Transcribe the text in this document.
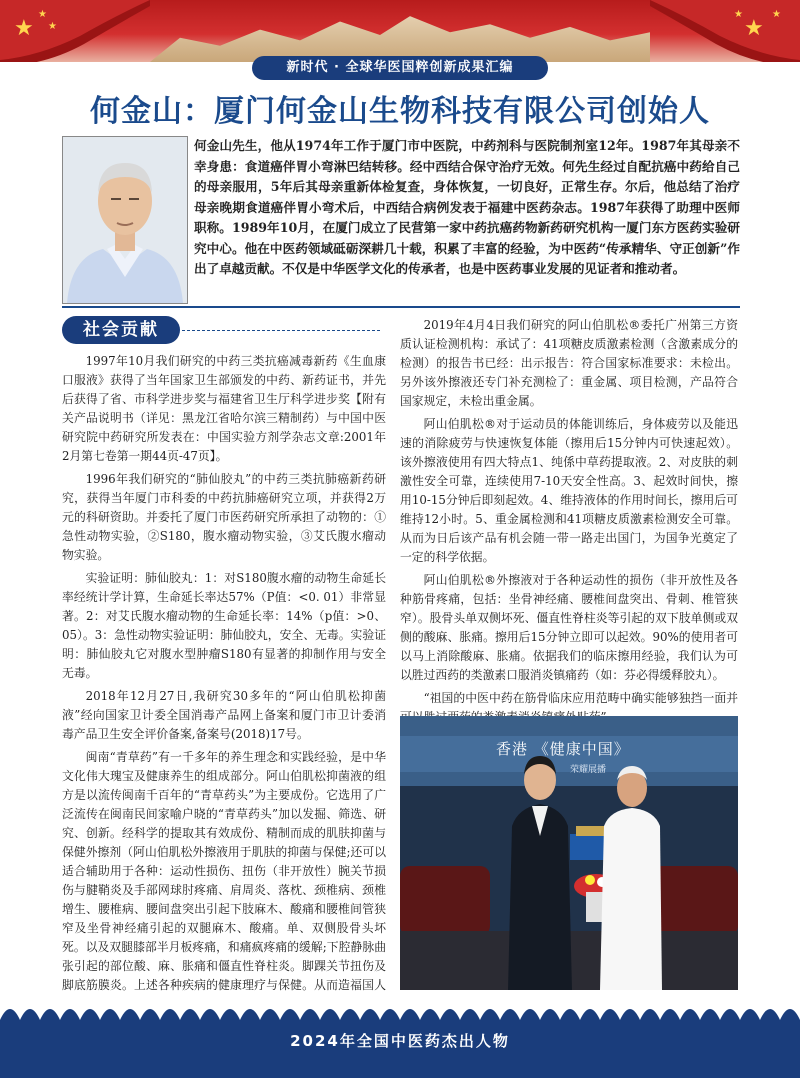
★
★
★	★
★	★
新时代 · 全球华医国粹创新成果汇编
何金山：厦门何金山生物科技有限公司创始人

何金山先生，他从1974年工作于厦门市中医院，中药剂科与医院制剂室12年。1987年其母亲不幸身患：食道癌伴胃小弯淋巴结转移。经中西结合保守治疗无效。何先生经过自配抗癌中药给自己的母亲服用，5年后其母亲重新体检复查，身体恢复，一切良好，正常生存。尔后，他总结了治疗母亲晚期食道癌伴胃小弯术后，中西结合病例发表于福建中医药杂志。1987年获得了助理中医师职称。1989年10月，在厦门成立了民营第一家中药抗癌药物新药研究机构一厦门东方医药实验研究中心。他在中医药领域砥砺深耕几十载，积累了丰富的经验，为中医药“传承精华、守正创新”作出了卓越贡献。不仅是中华医学文化的传承者，也是中医药事业发展的见证者和推动者。

社会贡献

1997年10月我们研究的中药三类抗癌减毒新药《生血康口服液》获得了当年国家卫生部颁发的中药、新药证书，并先后获得了省、市科学进步奖与福建省卫生厅科学进步奖【附有关产品说明书（详见：黑龙江省哈尔滨三精制药）与中国中医研究院中药研究所发表在：中国实验方剂学杂志文章:2001年2月第七卷第一期44页-47页】。

1996年我们研究的“肺仙胶丸”的中药三类抗肺癌新药研究，获得当年厦门市科委的中药抗肺癌研究立项，并获得2万元的科研资助。并委托了厦门市医药研究所承担了动物的：①急性动物实验，②S180，腹水瘤动物实验，③艾氏腹水瘤动物实验。

实验证明：肺仙胶丸：1：对S180腹水瘤的动物生命延长率经统计学计算，生命延长率达57%（P值：<0. 01）非常显著。2：对艾氏腹水瘤动物的生命延长率：14%（p值：>0、05）。3：急性动物实验证明：肺仙胶丸，安全、无毒。实验证明：肺仙胶丸它对腹水型肿瘤S180有显著的抑制作用与安全无毒。

2018年12月27日,我研究30多年的“阿山伯肌松抑菌液”经向国家卫计委全国消毒产品网上备案和厦门市卫计委消毒产品卫生安全评价备案,备案号(2018)17号。

闽南“青草药”有一千多年的养生理念和实践经验，是中华文化伟大瑰宝及健康养生的组成部分。阿山伯肌松抑菌液的组方是以流传闽南千百年的“青草药头”为主要成份。它选用了广泛流传在闽南民间家喻户晓的“青草药头”加以发掘、筛选、研究、创新。经科学的提取其有效成份、精制而成的肌肤抑菌与保健外擦剂（阿山伯肌松外擦液用于肌肤的抑菌与保健;还可以适合辅助用于各种：运动性损伤、扭伤（非开放性）腕关节损伤与腱鞘炎及手部网球肘疼痛、肩周炎、落枕、颈椎病、颈椎增生、腰椎病、腰间盘突出引起下肢麻木、酸痛和腰椎间管狭窄及坐骨神经痛引起的双腿麻木、酸痛。单、双侧股骨头坏死。以及双腿膝部半月板疼痛，和痛疯疼痛的缓解;下腔静脉曲张引起的部位酸、麻、胀痛和僵直性脊柱炎。脚踝关节扭伤及脚底筋膜炎。上述各种疾病的健康理疗与保健。从而造福国人

2019年4月4日我们研究的阿山伯肌松®委托广州第三方资质认证检测机构：承试了：41项糖皮质激素检测（含激素成分的检测）的报告书已经：出示报告：符合国家标准要求：未检出。另外该外擦液还专门补充测检了：重金属、项目检测，产品符合国家规定，未检出重金属。

阿山伯肌松®对于运动员的体能训练后，身体疲劳以及能迅速的消除疲劳与快速恢复体能（擦用后15分钟内可快速起效）。该外擦液使用有四大特点1、纯係中草药提取液。2、对皮肤的刺激性安全可靠，连续使用7-10天安全性高。3、起效时间快，擦用10-15分钟后即刻起效。4、维持液体的作用时间长，擦用后可维持12小时。5、重金属检测和41项糖皮质激素检测安全可靠。从而为日后该产品有机会随一带一路走出国门，为国争光奠定了一定的科学依据。

阿山伯肌松®外擦液对于各种运动性的损伤（非开放性及各种筋骨疼痛，包括：坐骨神经痛、腰椎间盘突出、骨刺、椎管狭窄）。股骨头单双侧坏死、僵直性脊柱炎等引起的双下肢单侧或双侧的酸麻、胀痛。擦用后15分钟立即可以起效。90%的使用者可以马上消除酸麻、胀痛。依据我们的临床擦用经验，我们认为可以胜过西药的类激素口服消炎镇痛药（如：芬必得缓释胶丸）。

“祖国的中医中药在筋骨临床应用范畴中确实能够独挡一面并

香港 《健康中国》
荣耀展播
2024年全国中医药杰出人物
